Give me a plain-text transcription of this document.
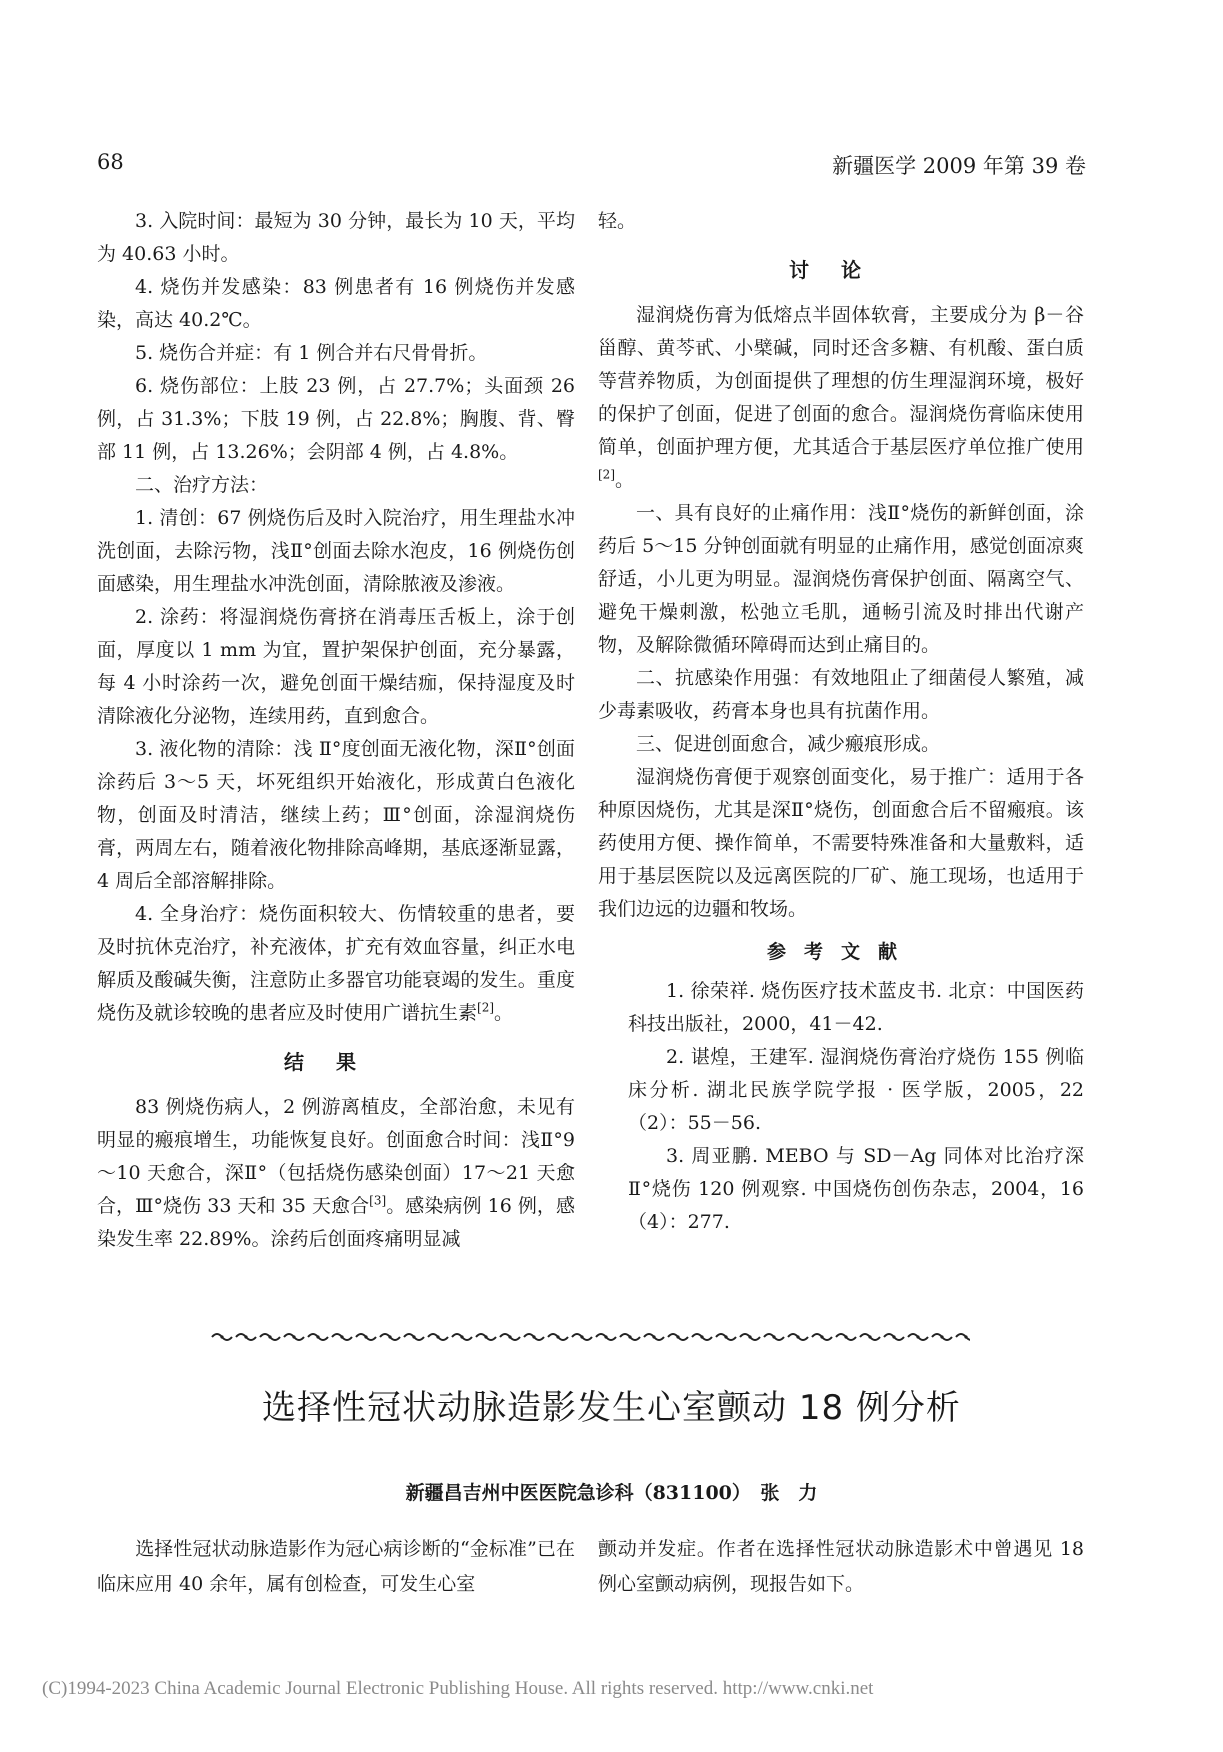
68	新疆医学 2009 年第 39 卷

3. 入院时间：最短为 30 分钟，最长为 10 天，平均为 40.63 小时。

4. 烧伤并发感染：83 例患者有 16 例烧伤并发感染，高达 40.2℃。

5. 烧伤合并症：有 1 例合并右尺骨骨折。

6. 烧伤部位：上肢 23 例，占 27.7%；头面颈 26 例，占 31.3%；下肢 19 例，占 22.8%；胸腹、背、臀部 11 例，占 13.26%；会阴部 4 例，占 4.8%。

二、治疗方法：

1. 清创：67 例烧伤后及时入院治疗，用生理盐水冲洗创面，去除污物，浅Ⅱ°创面去除水泡皮，16 例烧伤创面感染，用生理盐水冲洗创面，清除脓液及渗液。

2. 涂药：将湿润烧伤膏挤在消毒压舌板上，涂于创面，厚度以 1 mm 为宜，置护架保护创面，充分暴露，每 4 小时涂药一次，避免创面干燥结痂，保持湿度及时清除液化分泌物，连续用药，直到愈合。

3. 液化物的清除：浅 Ⅱ°度创面无液化物，深Ⅱ°创面涂药后 3～5 天，坏死组织开始液化，形成黄白色液化物，创面及时清洁，继续上药；Ⅲ°创面，涂湿润烧伤膏，两周左右，随着液化物排除高峰期，基底逐渐显露，4 周后全部溶解排除。

4. 全身治疗：烧伤面积较大、伤情较重的患者，要及时抗休克治疗，补充液体，扩充有效血容量，纠正水电解质及酸碱失衡，注意防止多器官功能衰竭的发生。重度烧伤及就诊较晚的患者应及时使用广谱抗生素[2]。

结果

83 例烧伤病人，2 例游离植皮，全部治愈，未见有明显的瘢痕增生，功能恢复良好。创面愈合时间：浅Ⅱ°9～10 天愈合，深Ⅱ°（包括烧伤感染创面）17～21 天愈合，Ⅲ°烧伤 33 天和 35 天愈合[3]。感染病例 16 例，感染发生率 22.89%。涂药后创面疼痛明显减

轻。

讨论

湿润烧伤膏为低熔点半固体软膏，主要成分为 β－谷甾醇、黄芩甙、小檗碱，同时还含多糖、有机酸、蛋白质等营养物质，为创面提供了理想的仿生理湿润环境，极好的保护了创面，促进了创面的愈合。湿润烧伤膏临床使用简单，创面护理方便，尤其适合于基层医疗单位推广使用[2]。

一、具有良好的止痛作用：浅Ⅱ°烧伤的新鲜创面，涂药后 5～15 分钟创面就有明显的止痛作用，感觉创面凉爽舒适，小儿更为明显。湿润烧伤膏保护创面、隔离空气、避免干燥刺激，松弛立毛肌，通畅引流及时排出代谢产物，及解除微循环障碍而达到止痛目的。

二、抗感染作用强：有效地阻止了细菌侵人繁殖，减少毒素吸收，药膏本身也具有抗菌作用。

三、促进创面愈合，减少瘢痕形成。

湿润烧伤膏便于观察创面变化，易于推广：适用于各种原因烧伤，尤其是深Ⅱ°烧伤，创面愈合后不留瘢痕。该药使用方便、操作简单，不需要特殊准备和大量敷料，适用于基层医院以及远离医院的厂矿、施工现场，也适用于我们边远的边疆和牧场。

参考文献

1. 徐荣祥. 烧伤医疗技术蓝皮书. 北京：中国医药科技出版社，2000，41－42.

2. 谌煌，王建军. 湿润烧伤膏治疗烧伤 155 例临床分析. 湖北民族学院学报 · 医学版，2005，22（2）：55－56.

3. 周亚鹏. MEBO 与 SD－Ag 同体对比治疗深Ⅱ°烧伤 120 例观察. 中国烧伤创伤杂志，2004，16（4）：277.

选择性冠状动脉造影发生心室颤动 18 例分析
新疆昌吉州中医医院急诊科（831100）　张　力

　　选择性冠状动脉造影作为冠心病诊断的“金标准”已在临床应用 40 余年，属有创检查，可发生心室

颤动并发症。作者在选择性冠状动脉造影术中曾遇见 18 例心室颤动病例，现报告如下。

(C)1994-2023 China Academic Journal Electronic Publishing House. All rights reserved. http://www.cnki.net
